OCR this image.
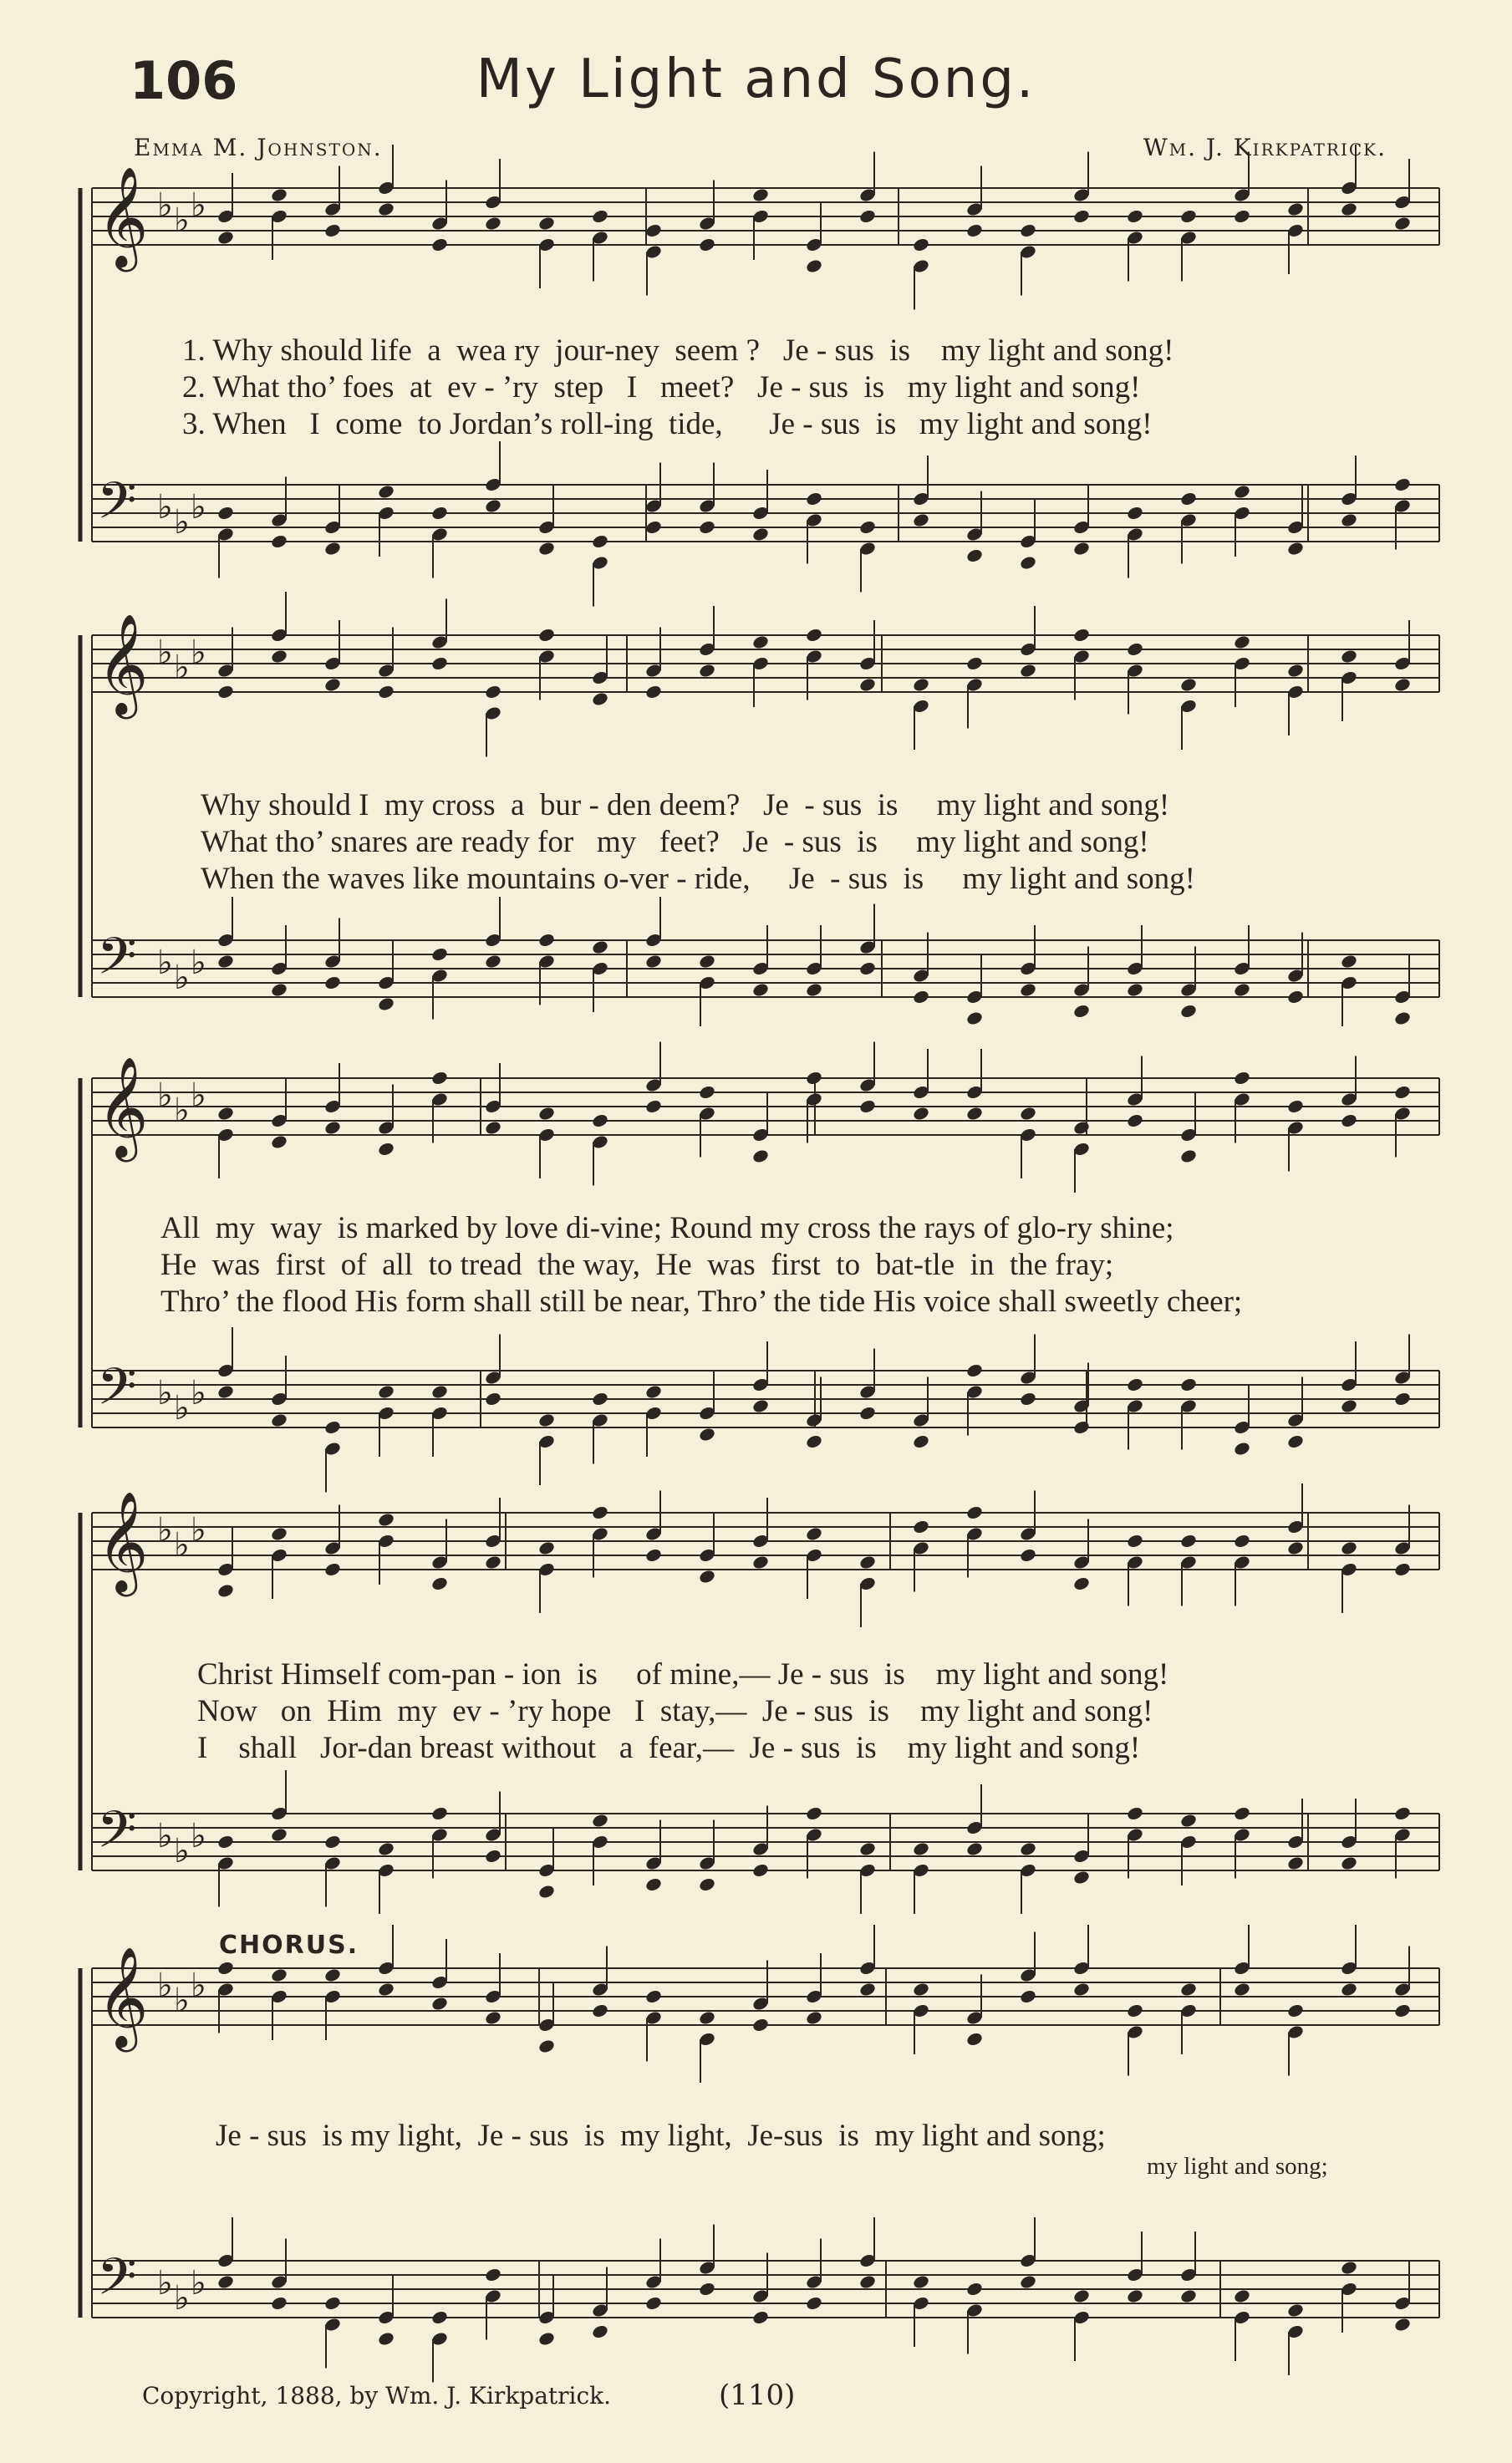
𝄞 ♭ ♭ ♭
𝄢 ♭ ♭ ♭
𝄞 ♭ ♭ ♭
𝄢 ♭ ♭ ♭
𝄞 ♭ ♭ ♭
𝄢 ♭ ♭ ♭
𝄞 ♭ ♭ ♭
𝄢 ♭ ♭ ♭
𝄞 ♭ ♭ ♭
𝄢 ♭ ♭ ♭
106	My Light and Song.
Emma M. Johnston.	Wm. J. Kirkpatrick.
1. Why should life  a  wea ry  jour-ney  seem ?   Je - sus  is    my light and song!
2. What tho’ foes  at  ev - ’ry  step   I   meet?   Je - sus  is   my light and song!
3. When   I  come  to Jordan’s roll-ing  tide,      Je - sus  is   my light and song!
Why should I  my cross  a  bur - den deem?   Je  - sus  is     my light and song!
What tho’ snares are ready for   my   feet?   Je  - sus  is     my light and song!
When the waves like mountains o-ver - ride,     Je  - sus  is     my light and song!
All  my  way  is marked by love di-vine; Round my cross the rays of glo-ry shine;
He  was  first  of  all  to tread  the way,  He  was  first  to  bat-tle  in  the fray;
Thro’ the flood His form shall still be near, Thro’ the tide His voice shall sweetly cheer;
Christ Himself com-pan - ion  is     of mine,— Je - sus  is    my light and song!
Now   on  Him  my  ev - ’ry hope   I  stay,—  Je - sus  is    my light and song!
I    shall   Jor-dan breast without   a  fear,—  Je - sus  is    my light and song!
CHORUS.
Je - sus  is my light,  Je - sus  is  my light,  Je-sus  is  my light and song;
my light and song;
Copyright, 1888, by Wm. J. Kirkpatrick.	(110)
